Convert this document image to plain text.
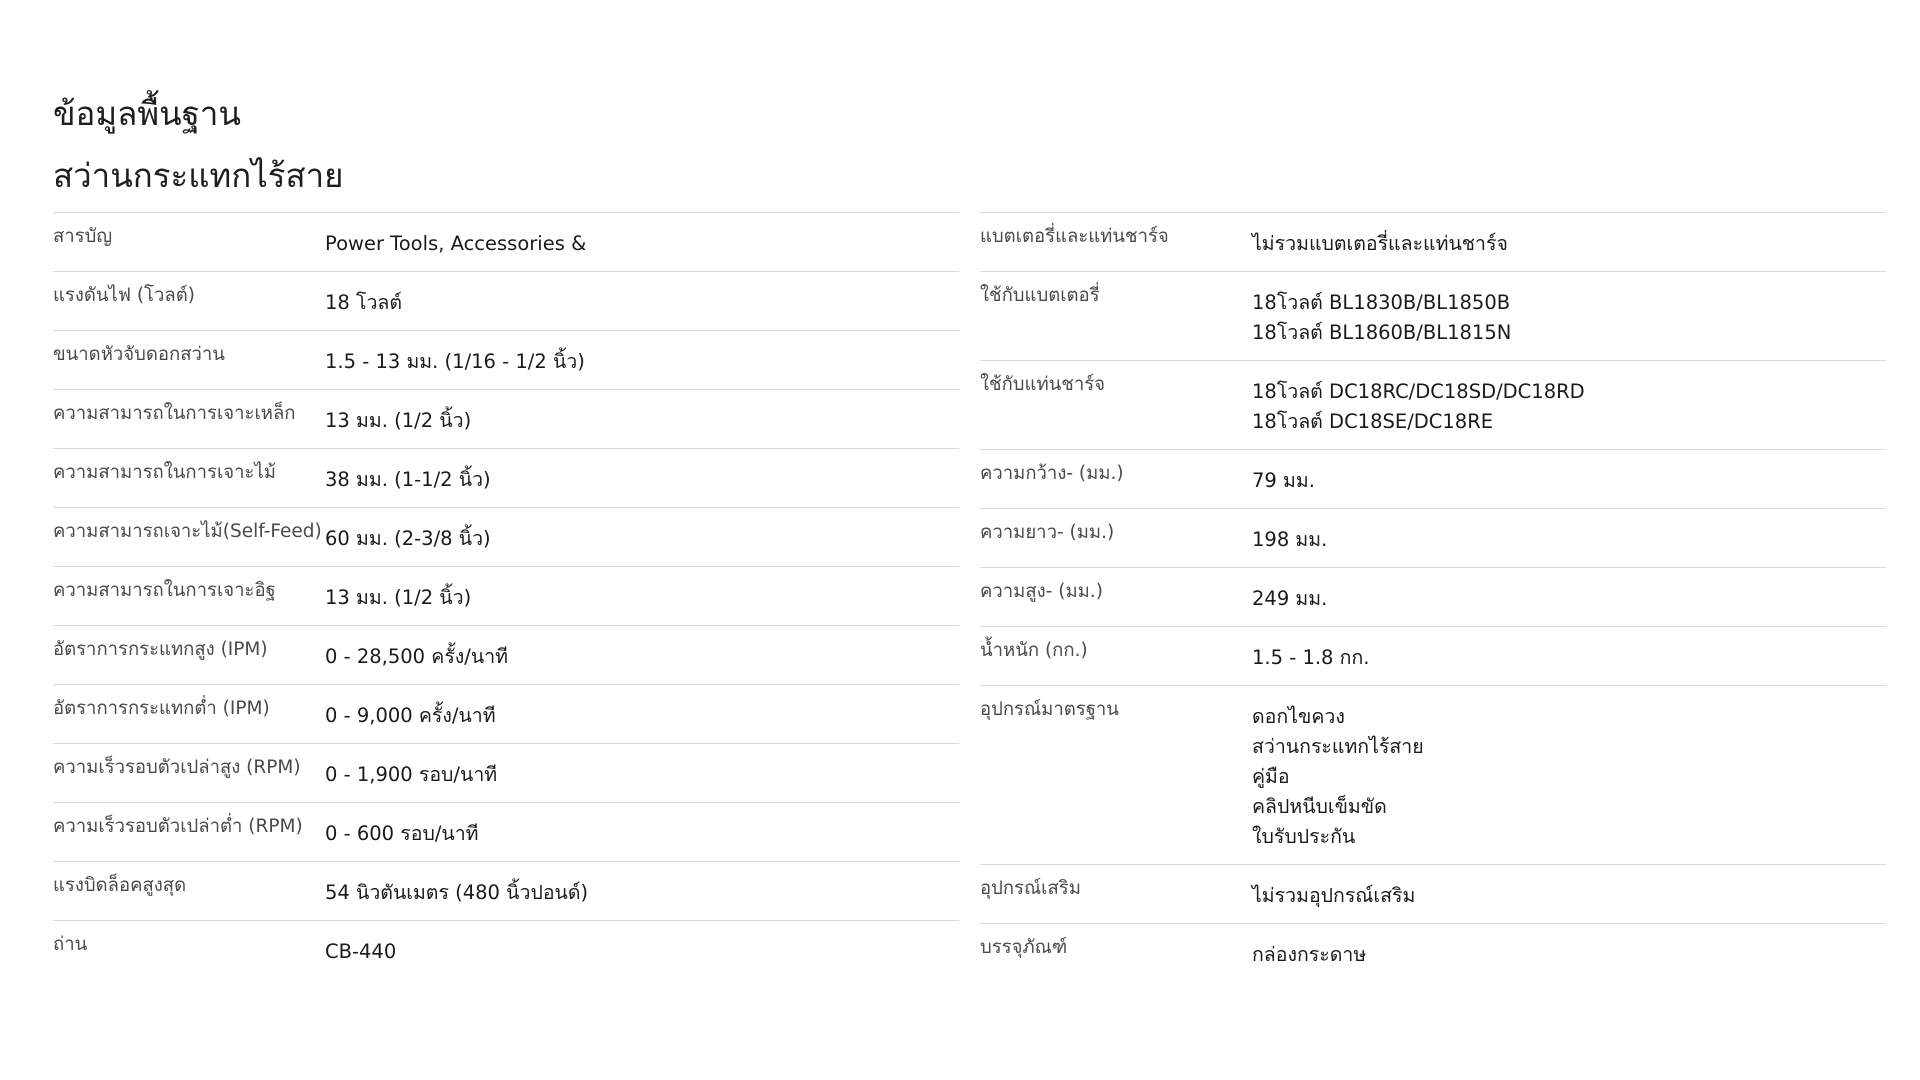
ข้อมูลพื้นฐาน
สว่านกระแทกไร้สาย
สารบัญ	Power Tools, Accessories &
แรงดันไฟ (โวลต์)	18 โวลต์
ขนาดหัวจับดอกสว่าน	1.5 - 13 มม. (1/16 - 1/2 นิ้ว)
ความสามารถในการเจาะเหล็ก	13 มม. (1/2 นิ้ว)
ความสามารถในการเจาะไม้	38 มม. (1-1/2 นิ้ว)
ความสามารถเจาะไม้(Self-Feed) 60 มม. (2-3/8 นิ้ว)
ความสามารถในการเจาะอิฐ	13 มม. (1/2 นิ้ว)
อัตราการกระแทกสูง (IPM)	0 - 28,500 ครั้ง/นาที
อัตราการกระแทกต่ำ (IPM)	0 - 9,000 ครั้ง/นาที
ความเร็วรอบตัวเปล่าสูง (RPM)	0 - 1,900 รอบ/นาที
ความเร็วรอบตัวเปล่าต่ำ (RPM)	0 - 600 รอบ/นาที
แรงบิดล็อคสูงสุด	54 นิวตันเมตร (480 นิ้วปอนด์)
ถ่าน	CB-440
แบตเตอรี่และแท่นชาร์จ	ไม่รวมแบตเตอรี่และแท่นชาร์จ
ใช้กับแบตเตอรี่	18โวลต์ BL1830B/BL1850B
18โวลต์ BL1860B/BL1815N
ใช้กับแท่นชาร์จ	18โวลต์ DC18RC/DC18SD/DC18RD
18โวลต์ DC18SE/DC18RE
ความกว้าง- (มม.)	79 มม.
ความยาว- (มม.)	198 มม.
ความสูง- (มม.)	249 มม.
น้ำหนัก (กก.)	1.5 - 1.8 กก.
อุปกรณ์มาตรฐาน	ดอกไขควง
สว่านกระแทกไร้สาย
คู่มือ
คลิปหนีบเข็มขัด
ใบรับประกัน
อุปกรณ์เสริม	ไม่รวมอุปกรณ์เสริม
บรรจุภัณฑ์	กล่องกระดาษ
